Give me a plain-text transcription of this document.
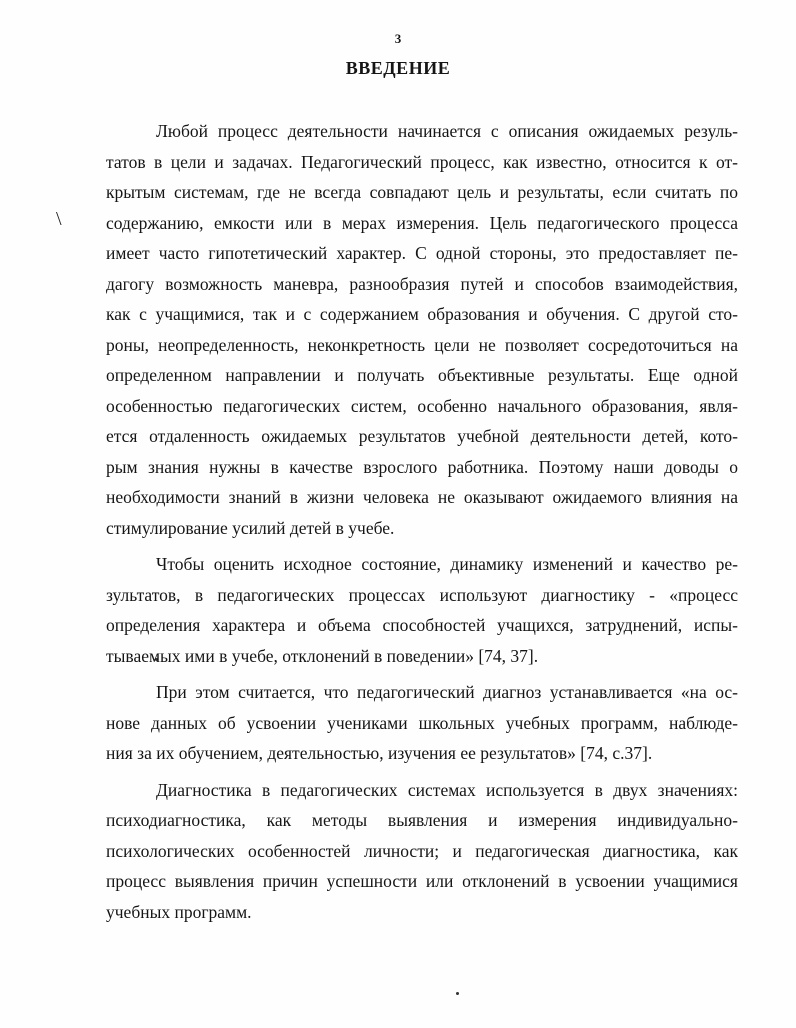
3
ВВЕДЕНИЕ
\
Любой процесс деятельности начинается с описания ожидаемых резуль-
татов в цели и задачах. Педагогический процесс, как известно, относится к от-
крытым системам, где не всегда совпадают цель и результаты, если считать по
содержанию, емкости или в мерах измерения. Цель педагогического процесса
имеет часто гипотетический характер. С одной стороны, это предоставляет пе-
дагогу возможность маневра, разнообразия путей и способов взаимодействия,
как с учащимися, так и с содержанием образования и обучения. С другой сто-
роны, неопределенность, неконкретность цели не позволяет сосредоточиться на
определенном направлении и получать объективные результаты. Еще одной
особенностью педагогических систем, особенно начального образования, явля-
ется отдаленность ожидаемых результатов учебной деятельности детей, кото-
рым знания нужны в качестве взрослого работника. Поэтому наши доводы о
необходимости знаний в жизни человека не оказывают ожидаемого влияния на
стимулирование усилий детей в учебе.
Чтобы оценить исходное состояние, динамику изменений и качество ре-
зультатов, в педагогических процессах используют диагностику - «процесс
определения характера и объема способностей учащихся, затруднений, испы-
тываемых ими в учебе, отклонений в поведении» [74, 37].
При этом считается, что педагогический диагноз устанавливается «на ос-
нове данных об усвоении учениками школьных учебных программ, наблюде-
ния за их обучением, деятельностью, изучения ее результатов» [74, с.37].
Диагностика в педагогических системах используется в двух значениях:
психодиагностика, как методы выявления и измерения индивидуально-
психологических особенностей личности; и педагогическая диагностика, как
процесс выявления причин успешности или отклонений в усвоении учащимися
учебных программ.
